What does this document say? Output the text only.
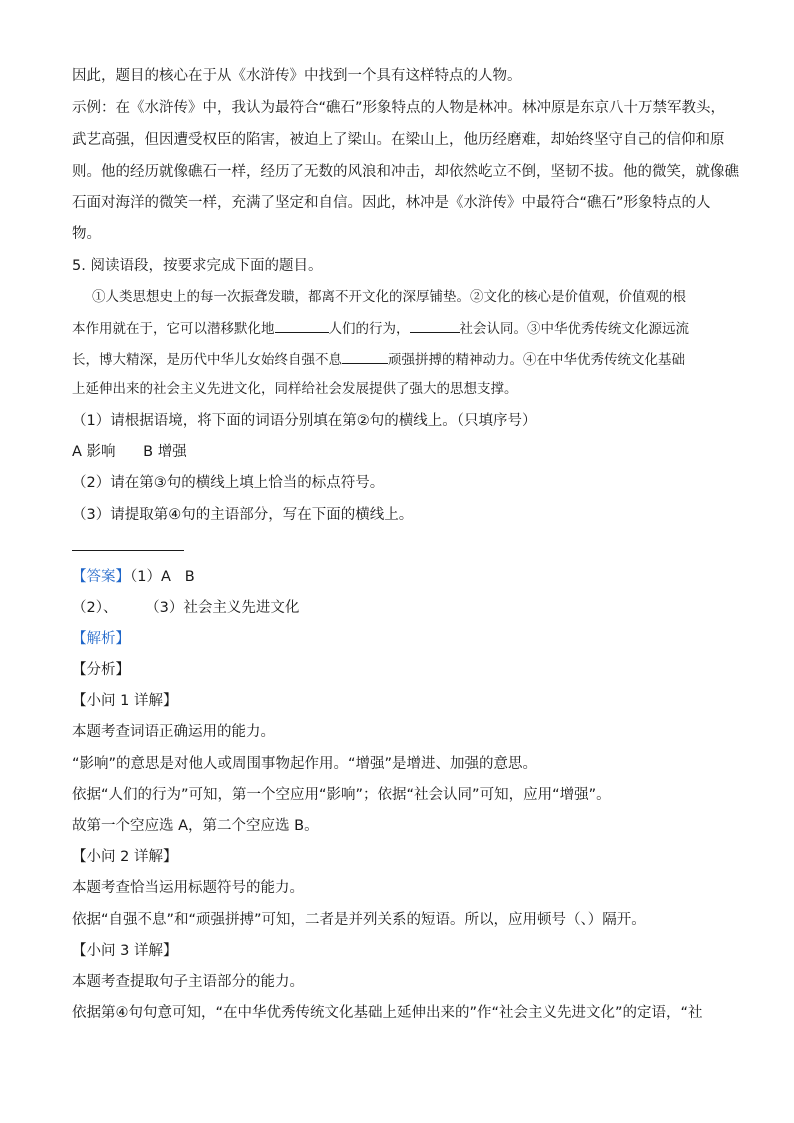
因此，题目的核心在于从《水浒传》中找到一个具有这样特点的人物。
示例：在《水浒传》中，我认为最符合“礁石”形象特点的人物是林冲。林冲原是东京八十万禁军教头，
武艺高强，但因遭受权臣的陷害，被迫上了梁山。在梁山上，他历经磨难，却始终坚守自己的信仰和原
则。他的经历就像礁石一样，经历了无数的风浪和冲击，却依然屹立不倒，坚韧不拔。他的微笑，就像礁
石面对海洋的微笑一样，充满了坚定和自信。因此，林冲是《水浒传》中最符合“礁石”形象特点的人
物。
5. 阅读语段，按要求完成下面的题目。
①人类思想史上的每一次振聋发聩，都离不开文化的深厚铺垫。②文化的核心是价值观，价值观的根
本作用就在于，它可以潜移默化地	人们的行为，	社会认同。③中华优秀传统文化源远流
长，博大精深，是历代中华儿女始终自强不息	顽强拼搏的精神动力。④在中华优秀传统文化基础
上延伸出来的社会主义先进文化，同样给社会发展提供了强大的思想支撑。
（1）请根据语境，将下面的词语分别填在第②句的横线上。（只填序号）
A 影响      B 增强
（2）请在第③句的横线上填上恰当的标点符号。
（3）请提取第④句的主语部分，写在下面的横线上。
【答案】（1）A   B
（2）、      （3）社会主义先进文化
【解析】
【分析】
【小问 1 详解】
本题考查词语正确运用的能力。
“影响”的意思是对他人或周围事物起作用。“增强”是增进、加强的意思。
依据“人们的行为”可知，第一个空应用“影响”；依据“社会认同”可知，应用“增强”。
故第一个空应选 A，第二个空应选 B。
【小问 2 详解】
本题考查恰当运用标题符号的能力。
依据“自强不息”和“顽强拼搏”可知，二者是并列关系的短语。所以，应用顿号（、）隔开。
【小问 3 详解】
本题考查提取句子主语部分的能力。
依据第④句句意可知，“在中华优秀传统文化基础上延伸出来的”作“社会主义先进文化”的定语，“社
